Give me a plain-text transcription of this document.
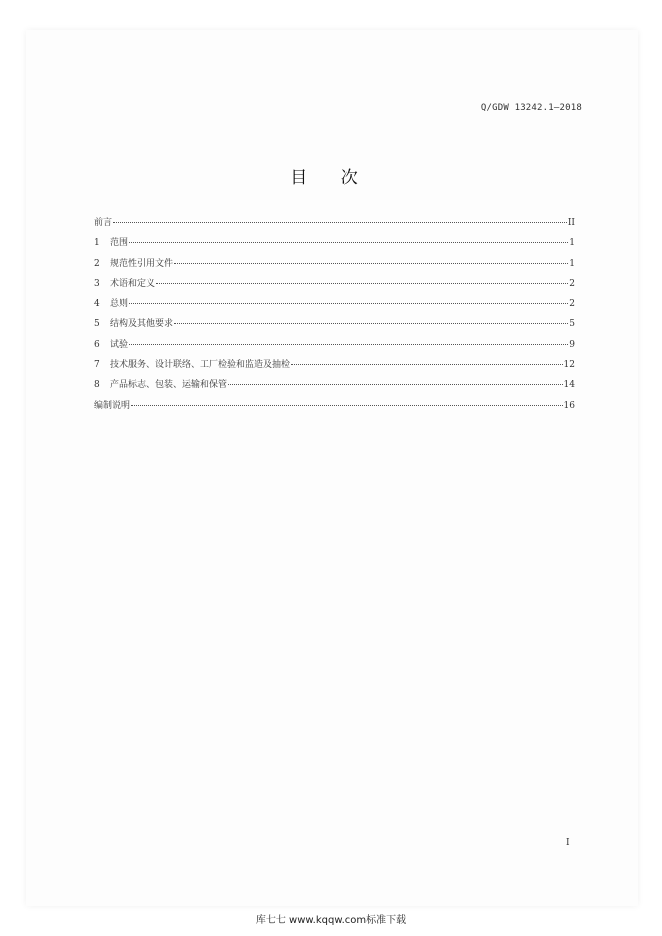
Q/GDW 13242.1—2018
目 次
前言	II
1	范围	1
2	规范性引用文件	1
3	术语和定义	2
4	总则	2
5	结构及其他要求	5
6	试验	9
7	技术服务、设计联络、工厂检验和监造及抽检	12
8	产品标志、包装、运输和保管	14
编制说明	16
I
库七七 www.kqqw.com标准下载
